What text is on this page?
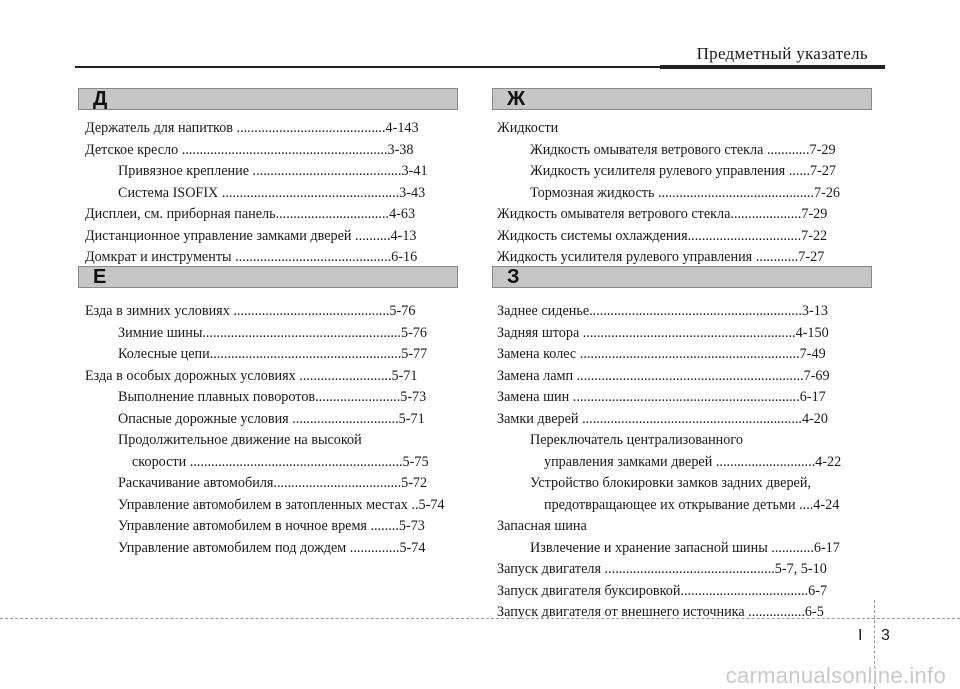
Предметный указатель
Д
Держатель для напитков ..........................................4-143
Детское кресло ..........................................................3-38
Привязное крепление ..........................................3-41
Система ISOFIX ..................................................3-43
Дисплеи, см. приборная панель................................4-63
Дистанционное управление замками дверей ..........4-13
Домкрат и инструменты ............................................6-16
Е
Езда в зимних условиях ............................................5-76
Зимние шины........................................................5-76
Колесные цепи......................................................5-77
Езда в особых дорожных условиях ..........................5-71
Выполнение плавных поворотов........................5-73
Опасные дорожные условия ..............................5-71
Продолжительное движение на высокой
скорости ............................................................5-75
Раскачивание автомобиля....................................5-72
Управление автомобилем в затопленных местах ..5-74
Управление автомобилем в ночное время ........5-73
Управление автомобилем под дождем ..............5-74
Ж
Жидкости
Жидкость омывателя ветрового стекла ............7-29
Жидкость усилителя рулевого управления ......7-27
Тормозная жидкость ............................................7-26
Жидкость омывателя ветрового стекла....................7-29
Жидкость системы охлаждения................................7-22
Жидкость усилителя рулевого управления ............7-27
З
Заднее сиденье............................................................3-13
Задняя штора ............................................................4-150
Замена колес ..............................................................7-49
Замена ламп ................................................................7-69
Замена шин ................................................................6-17
Замки дверей ..............................................................4-20
Переключатель централизованного
управления замками дверей ............................4-22
Устройство блокировки замков задних дверей,
предотвращающее их открывание детьми ....4-24
Запасная шина
Извлечение и хранение запасной шины ............6-17
Запуск двигателя ................................................5-7, 5-10
Запуск двигателя буксировкой....................................6-7
Запуск двигателя от внешнего источника ................6-5
I 3
carmanualsonline.info
